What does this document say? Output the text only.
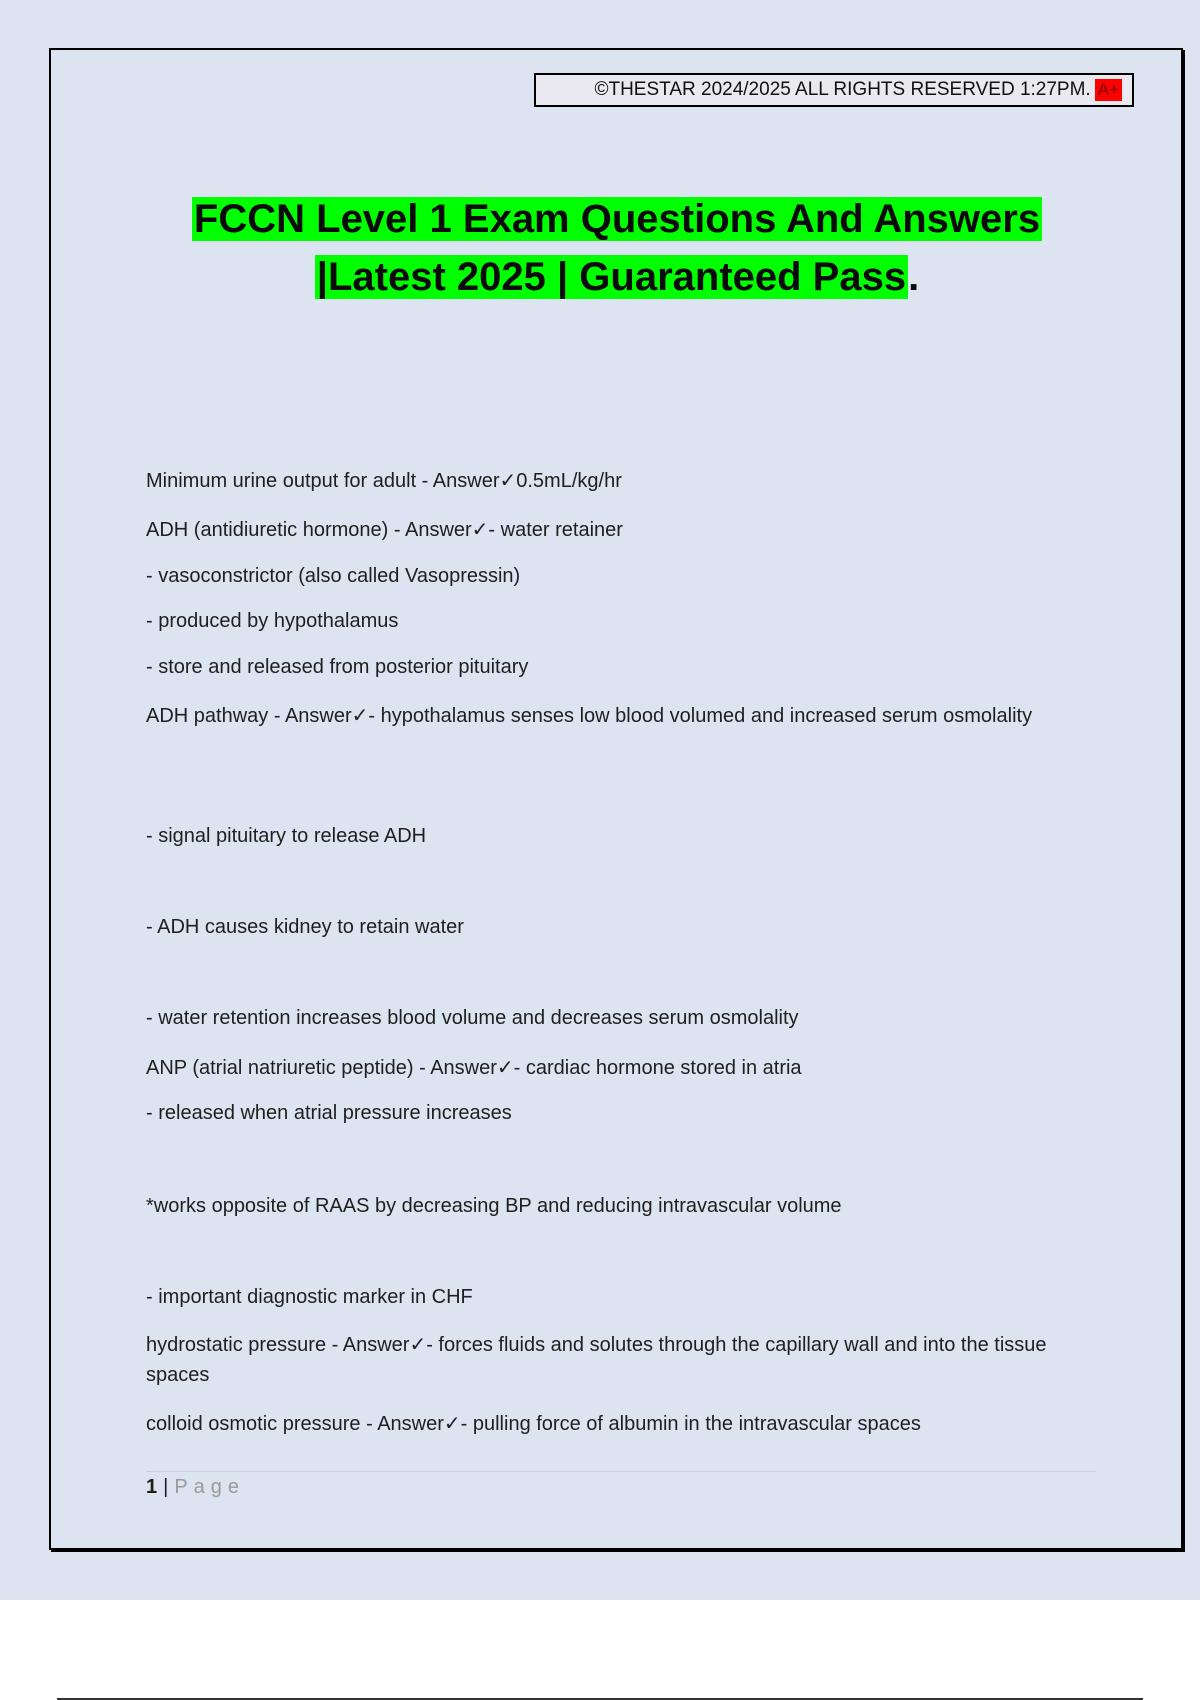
©THESTAR 2024/2025 ALL RIGHTS RESERVED 1:27PM. A+
FCCN Level 1 Exam Questions And Answers
|Latest 2025 | Guaranteed Pass.
Minimum urine output for adult - Answer✓0.5mL/kg/hr
ADH (antidiuretic hormone) - Answer✓- water retainer
- vasoconstrictor (also called Vasopressin)
- produced by hypothalamus
- store and released from posterior pituitary
ADH pathway - Answer✓- hypothalamus senses low blood volumed and increased serum osmolality
- signal pituitary to release ADH
- ADH causes kidney to retain water
- water retention increases blood volume and decreases serum osmolality
ANP (atrial natriuretic peptide) - Answer✓- cardiac hormone stored in atria
- released when atrial pressure increases
*works opposite of RAAS by decreasing BP and reducing intravascular volume
- important diagnostic marker in CHF
hydrostatic pressure - Answer✓- forces fluids and solutes through the capillary wall and into the tissue spaces
colloid osmotic pressure - Answer✓- pulling force of albumin in the intravascular spaces
1 | Page
